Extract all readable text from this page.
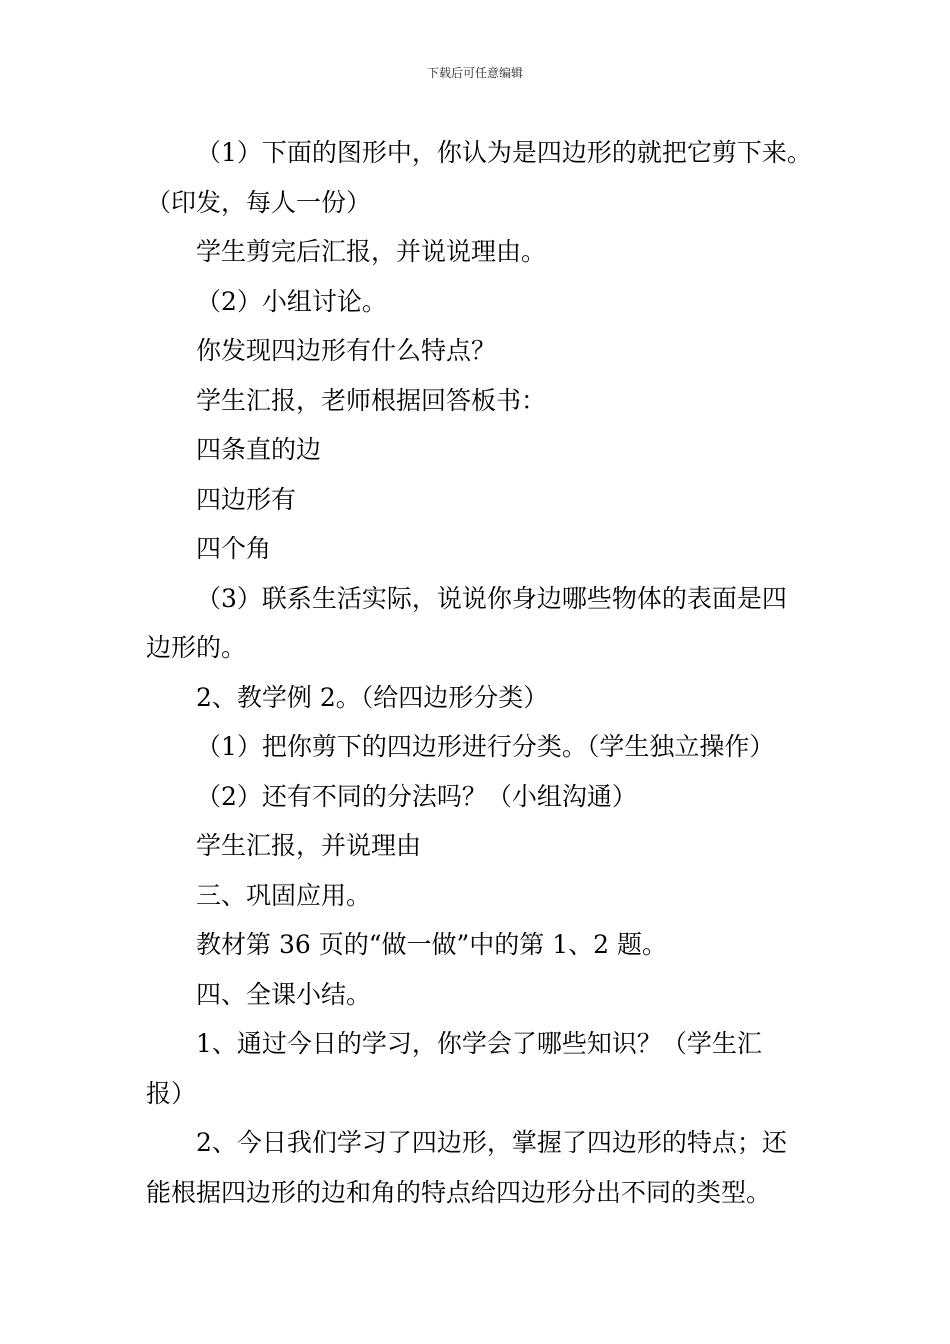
下载后可任意编辑
（1）下面的图形中，你认为是四边形的就把它剪下来。
（印发，每人一份）
学生剪完后汇报，并说说理由。
（2）小组讨论。
你发现四边形有什么特点？
学生汇报，老师根据回答板书：
四条直的边
四边形有
四个角
（3）联系生活实际，说说你身边哪些物体的表面是四
边形的。
2、教学例 2。（给四边形分类）
（1）把你剪下的四边形进行分类。（学生独立操作）
（2）还有不同的分法吗？（小组沟通）
学生汇报，并说理由
三、巩固应用。
教材第 36 页的“做一做”中的第 1、2 题。
四、全课小结。
1、通过今日的学习，你学会了哪些知识？（学生汇
报）
2、今日我们学习了四边形，掌握了四边形的特点；还
能根据四边形的边和角的特点给四边形分出不同的类型。
